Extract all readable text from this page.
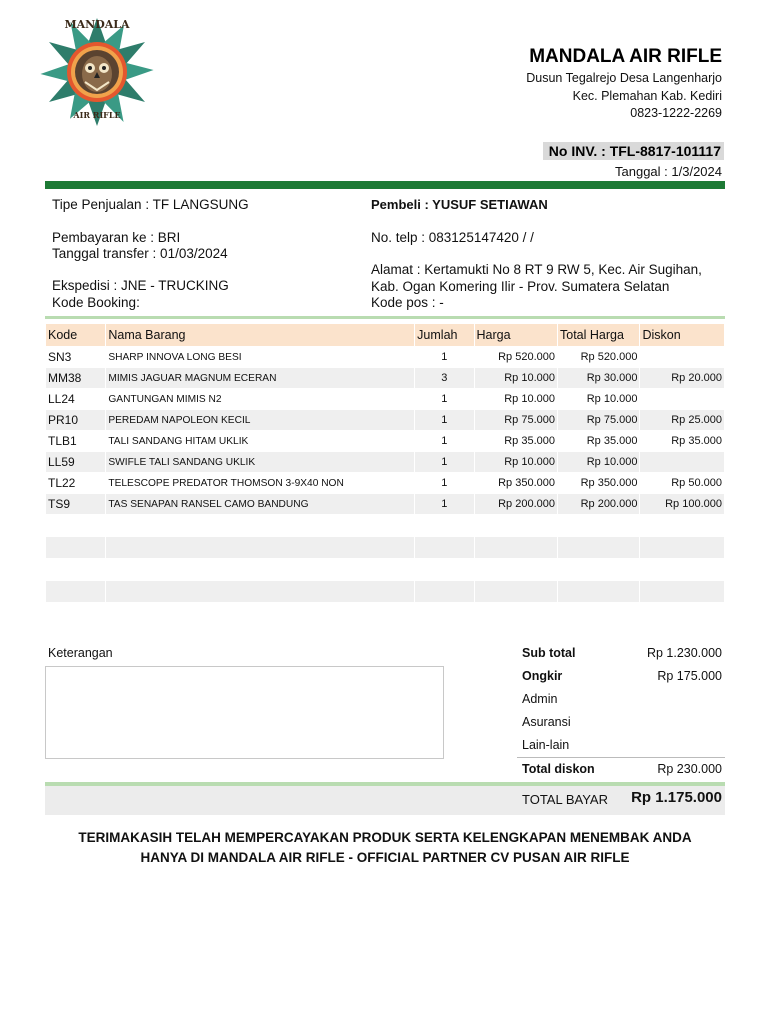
MANDALA
AIR RIFLE
MANDALA AIR RIFLE
Dusun Tegalrejo Desa Langenharjo
Kec. Plemahan Kab. Kediri
0823-1222-2269
No INV. : TFL-8817-101117
Tanggal : 1/3/2024
Tipe Penjualan : TF LANGSUNG
Pembayaran ke : BRI
Tanggal transfer : 01/03/2024
Ekspedisi : JNE - TRUCKING
Kode Booking:
Pembeli : YUSUF SETIAWAN
No. telp : 083125147420 / /
Alamat : Kertamukti No 8 RT 9 RW 5, Kec. Air Sugihan,
Kab. Ogan Komering Ilir - Prov. Sumatera Selatan
Kode pos : -
Kode	Nama Barang	Jumlah	Harga	Total Harga	Diskon
SN3	SHARP INNOVA LONG BESI	1	Rp 520.000	Rp 520.000	
MM38	MIMIS JAGUAR MAGNUM ECERAN	3	Rp 10.000	Rp 30.000	Rp 20.000
LL24	GANTUNGAN MIMIS N2	1	Rp 10.000	Rp 10.000	
PR10	PEREDAM NAPOLEON KECIL	1	Rp 75.000	Rp 75.000	Rp 25.000
TLB1	TALI SANDANG HITAM UKLIK	1	Rp 35.000	Rp 35.000	Rp 35.000
LL59	SWIFLE TALI SANDANG UKLIK	1	Rp 10.000	Rp 10.000	
TL22	TELESCOPE PREDATOR THOMSON 3-9X40 NON	1	Rp 350.000	Rp 350.000	Rp 50.000
TS9	TAS SENAPAN RANSEL CAMO BANDUNG	1	Rp 200.000	Rp 200.000	Rp 100.000

Keterangan	Sub total	Rp 1.230.000
Ongkir	Rp 175.000
Admin
Asuransi
Lain-lain
Total diskon	Rp 230.000
TOTAL BAYAR Rp 1.175.000
TERIMAKASIH TELAH MEMPERCAYAKAN PRODUK SERTA KELENGKAPAN MENEMBAK ANDA
HANYA DI MANDALA AIR RIFLE - OFFICIAL PARTNER CV PUSAN AIR RIFLE
